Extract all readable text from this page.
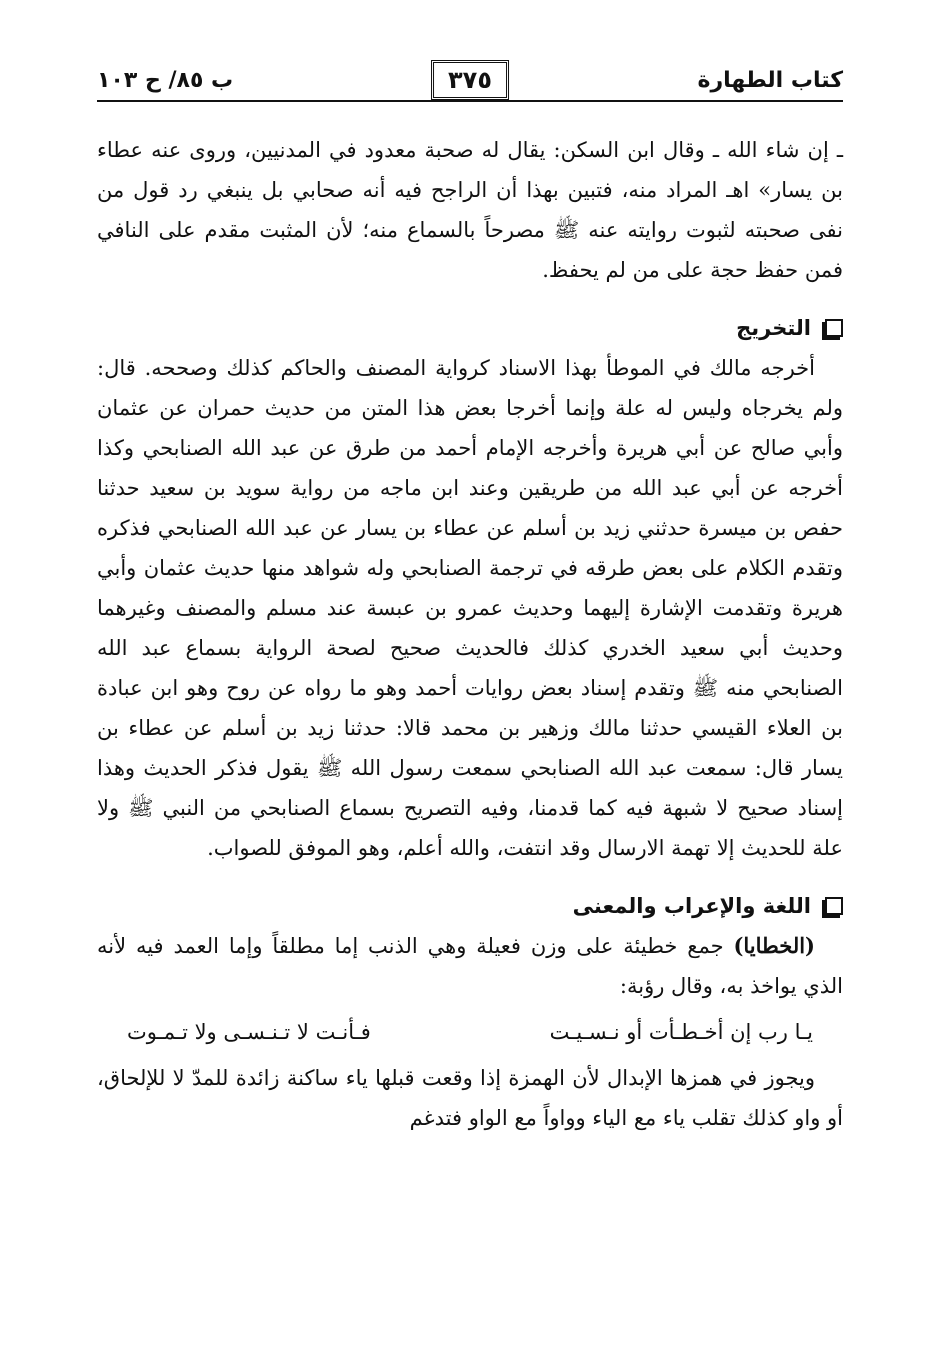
كتاب الطهارة
٣٧٥
ب ٨٥/ ح ١٠٣

ـ إن شاء الله ـ وقال ابن السكن: يقال له صحبة معدود في المدنيين، وروى عنه عطاء بن يسار» اهـ المراد منه، فتبين بهذا أن الراجح فيه أنه صحابي بل ينبغي رد قول من نفى صحبته لثبوت روايته عنه ﷺ مصرحاً بالسماع منه؛ لأن المثبت مقدم على النافي فمن حفظ حجة على من لم يحفظ.

التخريج

أخرجه مالك في الموطأ بهذا الاسناد كرواية المصنف والحاكم كذلك وصححه. قال: ولم يخرجاه وليس له علة وإنما أخرجا بعض هذا المتن من حديث حمران عن عثمان وأبي صالح عن أبي هريرة وأخرجه الإمام أحمد من طرق عن عبد الله الصنابحي وكذا أخرجه عن أبي عبد الله من طريقين وعند ابن ماجه من رواية سويد بن سعيد حدثنا حفص بن ميسرة حدثني زيد بن أسلم عن عطاء بن يسار عن عبد الله الصنابحي فذكره وتقدم الكلام على بعض طرقه في ترجمة الصنابحي وله شواهد منها حديث عثمان وأبي هريرة وتقدمت الإشارة إليهما وحديث عمرو بن عبسة عند مسلم والمصنف وغيرهما وحديث أبي سعيد الخدري كذلك فالحديث صحيح لصحة الرواية بسماع عبد الله الصنابحي منه ﷺ وتقدم إسناد بعض روايات أحمد وهو ما رواه عن روح وهو ابن عبادة بن العلاء القيسي حدثنا مالك وزهير بن محمد قالا: حدثنا زيد بن أسلم عن عطاء بن يسار قال: سمعت عبد الله الصنابحي سمعت رسول الله ﷺ يقول فذكر الحديث وهذا إسناد صحيح لا شبهة فيه كما قدمنا، وفيه التصريح بسماع الصنابحي من النبي ﷺ ولا علة للحديث إلا تهمة الارسال وقد انتفت، والله أعلم، وهو الموفق للصواب.

اللغة والإعراب والمعنى

(الخطايا) جمع خطيئة على وزن فعيلة وهي الذنب إما مطلقاً وإما العمد فيه لأنه الذي يواخذ به، وقال رؤبة:

يـا رب إن أخـطـأت أو نـسـيـت
فـأنـت لا تـنـسـى ولا تـمـوت

ويجوز في همزها الإبدال لأن الهمزة إذا وقعت قبلها ياء ساكنة زائدة للمدّ لا للإلحاق، أو واو كذلك تقلب ياء مع الياء وواواً مع الواو فتدغم
